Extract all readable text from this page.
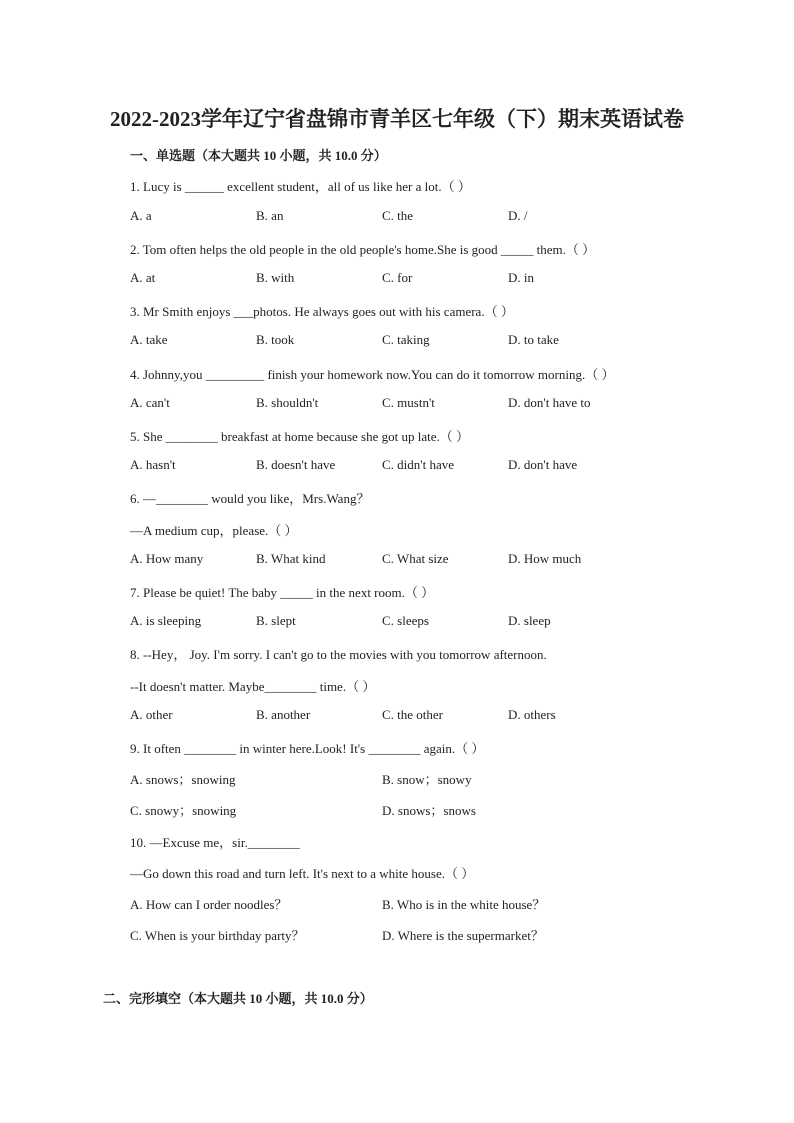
2022-2023学年辽宁省盘锦市青羊区七年级（下）期末英语试卷
一、单选题（本大题共 10 小题，共 10.0 分）
1. Lucy is ______ excellent student，all of us like her a lot.（ ）
A. a	B. an	C. the	D. /
2. Tom often helps the old people in the old people's home.She is good _____ them.（ ）
A. at	B. with	C. for	D. in
3. Mr Smith enjoys ___photos. He always goes out with his camera.（ ）
A. take	B. took	C. taking	D. to take
4. Johnny,you _________ finish your homework now.You can do it tomorrow morning.（ ）
A. can't	B. shouldn't	C. mustn't	D. don't have to
5. She ________ breakfast at home because she got up late.（ ）
A. hasn't	B. doesn't have	C. didn't have	D. don't have
6. —________ would you like，Mrs.Wang？
—A medium cup，please.（ ）
A. How many	B. What kind	C. What size	D. How much
7. Please be quiet! The baby _____ in the next room.（ ）
A. is sleeping	B. slept	C. sleeps	D. sleep
8. --Hey， Joy. I'm sorry. I can't go to the movies with you tomorrow afternoon.
--It doesn't matter. Maybe________ time.（ ）
A. other	B. another	C. the other	D. others
9. It often ________ in winter here.Look! It's ________ again.（ ）
A. snows；snowing	B. snow；snowy
C. snowy；snowing	D. snows；snows
10. —Excuse me，sir.________
—Go down this road and turn left. It's next to a white house.（ ）
A. How can I order noodles？	B. Who is in the white house？
C. When is your birthday party？	D. Where is the supermarket？
二、完形填空（本大题共 10 小题，共 10.0 分）
